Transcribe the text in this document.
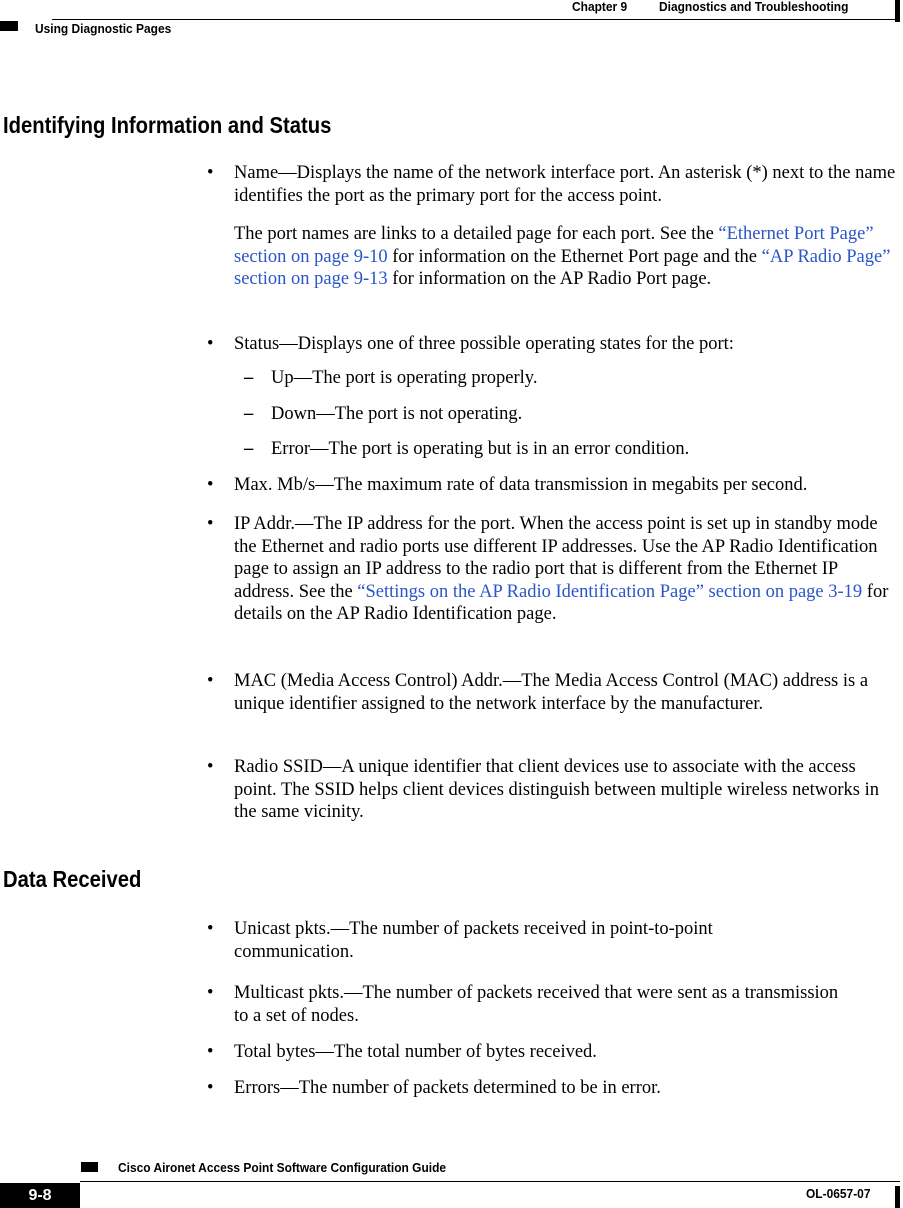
Chapter 9 Diagnostics and Troubleshooting
Using Diagnostic Pages
Identifying Information and Status
• Name—Displays the name of the network interface port. An asterisk (*) next to the name identifies the port as the primary port for the access point.

The port names are links to a detailed page for each port. See the “Ethernet Port Page” section on page 9-10 for information on the Ethernet Port page and the “AP Radio Page” section on page 9-13 for information on the AP Radio Port page.

• Status—Displays one of three possible operating states for the port:

– Up—The port is operating properly.

– Down—The port is not operating.

– Error—The port is operating but is in an error condition.

• Max. Mb/s—The maximum rate of data transmission in megabits per second.

• IP Addr.—The IP address for the port. When the access point is set up in standby mode the Ethernet and radio ports use different IP addresses. Use the AP Radio Identification page to assign an IP address to the radio port that is different from the Ethernet IP address. See the “Settings on the AP Radio Identification Page” section on page 3-19 for details on the AP Radio Identification page.

• MAC (Media Access Control) Addr.—The Media Access Control (MAC) address is a unique identifier assigned to the network interface by the manufacturer.

• Radio SSID—A unique identifier that client devices use to associate with the access point. The SSID helps client devices distinguish between multiple wireless networks in the same vicinity.

Data Received
• Unicast pkts.—The number of packets received in point-to-point communication.

• Multicast pkts.—The number of packets received that were sent as a transmission to a set of nodes.

• Total bytes—The total number of bytes received.

• Errors—The number of packets determined to be in error.

Cisco Aironet Access Point Software Configuration Guide
9-8	OL-0657-07
